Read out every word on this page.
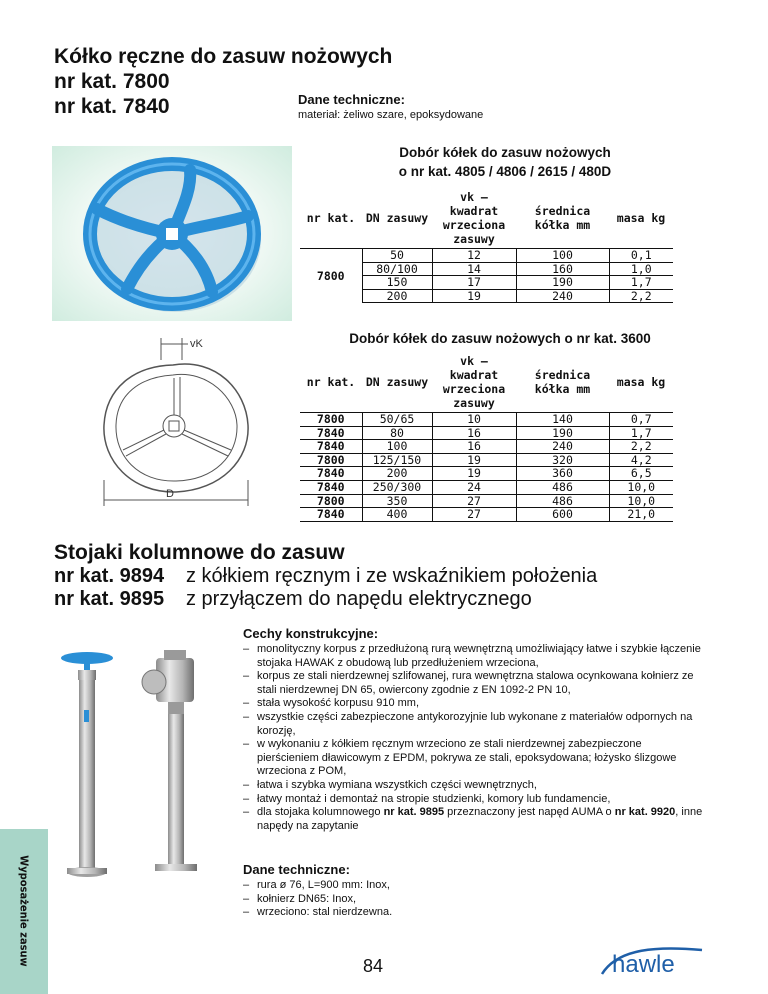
Kółko ręczne do zasuw nożowych
nr kat. 7800
nr kat. 7840	Dane techniczne:
materiał: żeliwo szare, epoksydowane
Dobór kółek do zasuw nożowych
o nr kat. 4805 / 4806 / 2615 / 480D
nr kat.	DN zasuwy	vk – kwadrat wrzeciona zasuwy	średnica kółka mm	masa kg
7800	50	12	100	0,1
	80/100	14	160	1,0
	150	17	190	1,7
	200	19	240	2,2
Dobór kółek do zasuw nożowych o nr kat. 3600
vK
D
nr kat.	DN zasuwy	vk – kwadrat wrzeciona zasuwy	średnica kółka mm	masa kg
7800	50/65	10	140	0,7
7840	80	16	190	1,7
7840	100	16	240	2,2
7800	125/150	19	320	4,2
7840	200	19	360	6,5
7840	250/300	24	486	10,0
7800	350	27	486	10,0
7840	400	27	600	21,0
Stojaki kolumnowe do zasuw
nr kat. 9894 z kółkiem ręcznym i ze wskaźnikiem położenia
nr kat. 9895 z przyłączem do napędu elektrycznego
Cechy konstrukcyjne:
– monolityczny korpus z przedłużoną rurą wewnętrzną umożliwiający łatwe i szybkie łączenie stojaka HAWAK z obudową lub przedłużeniem wrzeciona,
– korpus ze stali nierdzewnej szlifowanej, rura wewnętrzna stalowa ocynkowana kołnierz ze stali nierdzewnej DN 65, owiercony zgodnie z EN 1092-2 PN 10,
– stała wysokość korpusu 910 mm,
– wszystkie części zabezpieczone antykorozyjnie lub wykonane z materiałów odpornych na korozję,
– w wykonaniu z kółkiem ręcznym wrzeciono ze stali nierdzewnej zabezpieczone pierścieniem dławicowym z EPDM, pokrywa ze stali, epoksydowana; łożysko ślizgowe wrzeciona z POM,
– łatwa i szybka wymiana wszystkich części wewnętrznych,
– łatwy montaż i demontaż na stropie studzienki, komory lub fundamencie,
– dla stojaka kolumnowego nr kat. 9895 przeznaczony jest napęd AUMA o nr kat. 9920, inne napędy na zapytanie
Dane techniczne:
– rura ø 76, L=900 mm: Inox,
– kołnierz DN65: Inox,
– wrzeciono: stal nierdzewna.
Wyposażenie zasuw	84	hawle
